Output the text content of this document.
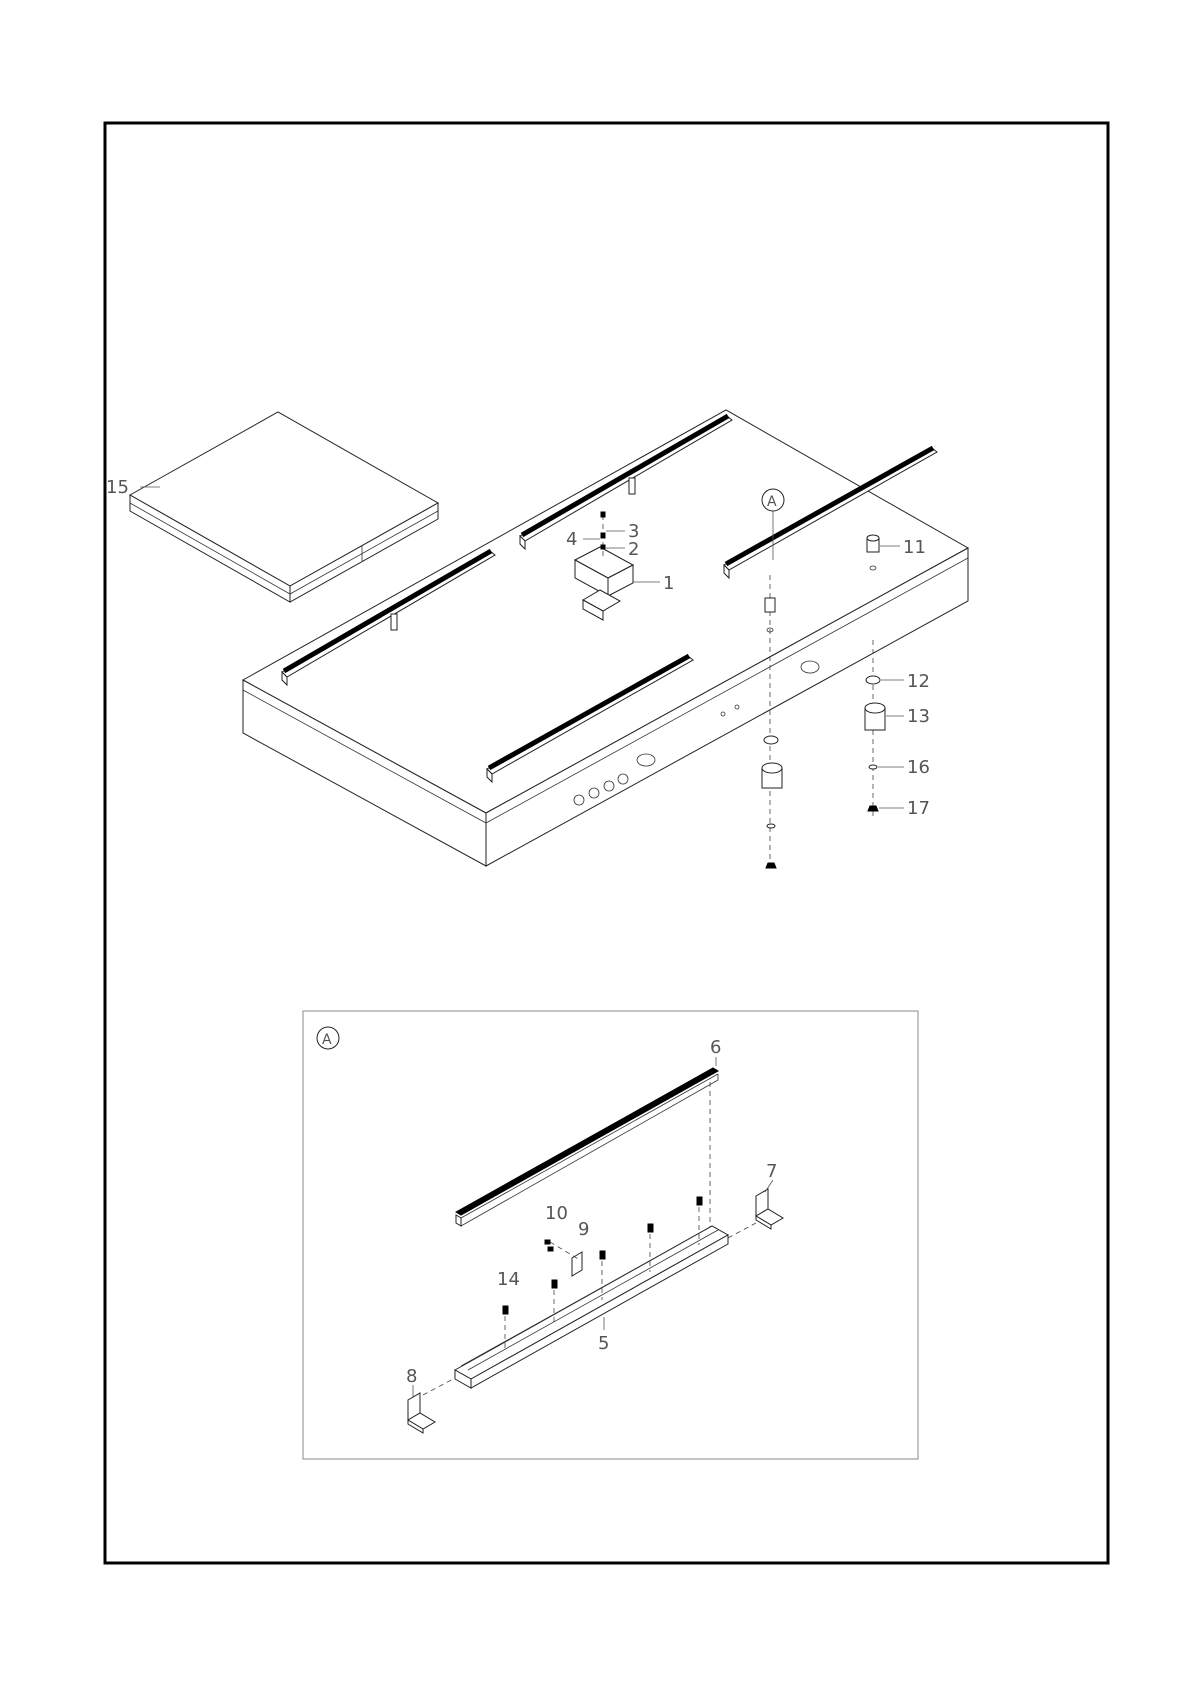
15
3
2
4
1
11
12
13
16
17
A
A	6
7
10
9
14
5
8
